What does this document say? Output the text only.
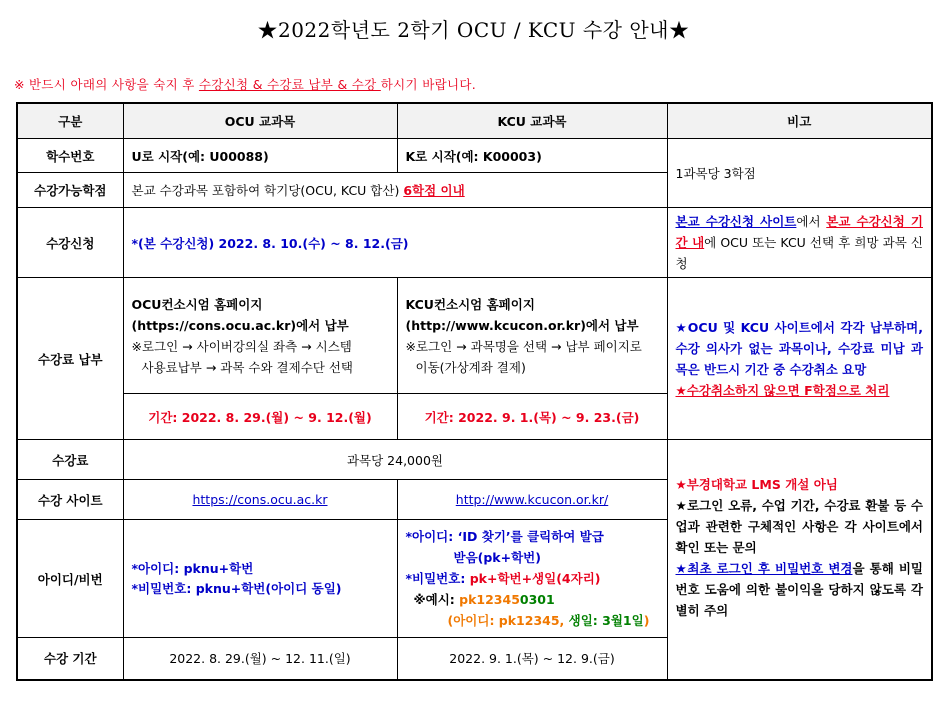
★2022학년도 2학기 OCU / KCU 수강 안내★
※ 반드시 아래의 사항을 숙지 후 수강신청 & 수강료 납부 & 수강 하시기 바랍니다.
구분	OCU 교과목	KCU 교과목	비고
학수번호	U로 시작(예: U00088)	K로 시작(예: K00003)	1과목당 3학점
수강가능학점	본교 수강과목 포함하여 학기당(OCU, KCU 합산) 6학점 이내		
수강신청	*(본 수강신청) 2022. 8. 10.(수) ~ 8. 12.(금)		본교 수강신청 사이트에서 본교 수강신청 기간 내에 OCU 또는 KCU 선택 후 희망 과목 신청
수강료 납부	OCU컨소시엄 홈페이지
(https://cons.ocu.ac.kr)에서 납부
※로그인 → 사이버강의실 좌측 → 시스템
사용료납부 → 과목 수와 결제수단 선택	KCU컨소시엄 홈페이지
(http://www.kcucon.or.kr)에서 납부
※로그인 → 과목명을 선택 → 납부 페이지로
이동(가상계좌 결제)	★OCU 및 KCU 사이트에서 각각 납부하며, 수강 의사가 없는 과목이나, 수강료 미납 과목은 반드시 기간 중 수강취소 요망
★수강취소하지 않으면 F학점으로 처리

	기간: 2022. 8. 29.(월) ~ 9. 12.(월)	기간: 2022. 9. 1.(목) ~ 9. 23.(금)	
수강료	과목당 24,000원		★부경대학교 LMS 개설 아님
★로그인 오류, 수업 기간, 수강료 환불 등 수업과 관련한 구체적인 사항은 각 사이트에서 확인 또는 문의
★최초 로그인 후 비밀번호 변경을 통해 비밀번호 도움에 의한 불이익을 당하지 않도록 각별히 주의

수강 사이트	https://cons.ocu.ac.kr	http://www.kcucon.or.kr/	
아이디/비번	*아이디: pknu+학번
*비밀번호: pknu+학번(아이디 동일)	*아이디: ‘ID 찾기’를 클릭하여 발급
받음(pk+학번)
*비밀번호: pk+학번+생일(4자리)
※예시: pk123450301
(아이디: pk12345, 생일: 3월1일)	

수강 기간	2022. 8. 29.(월) ~ 12. 11.(일)	2022. 9. 1.(목) ~ 12. 9.(금)	
